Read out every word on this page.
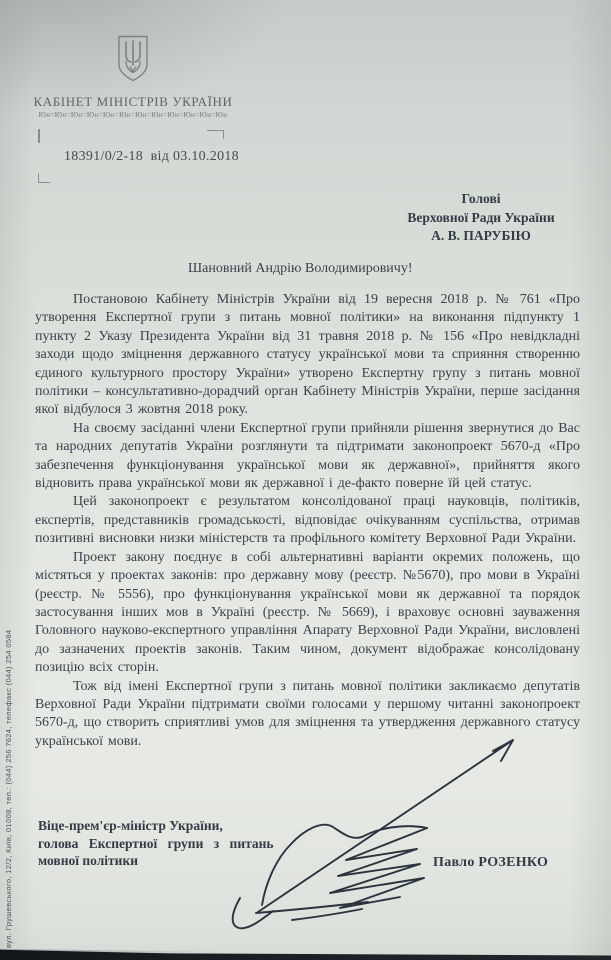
КАБІНЕТ МІНІСТРІВ УКРАЇНИ
Юн=Юн=Юн=Юн=Юн=Юн=Юн=Юн=Юн=Юн=Юн=Юн
18391/0/2-18  від 03.10.2018
Голові
Верховної Ради України
А. В. ПАРУБІЮ
Шановний Андрію Володимировичу!

Постановою Кабінету Міністрів України від 19 вересня 2018 р. № 761 «Про утворення Експертної групи з питань мовної політики» на виконання підпункту 1 пункту 2 Указу Президента України від 31 травня 2018 р. № 156 «Про невідкладні заходи щодо зміцнення державного статусу української мови та сприяння створенню єдиного культурного простору України» утворено Експертну групу з питань мовної політики – консультативно-дорадчий орган Кабінету Міністрів України, перше засідання якої відбулося 3 жовтня 2018 року.

На своєму засіданні члени Експертної групи прийняли рішення звернутися до Вас та народних депутатів України розглянути та підтримати законопроект 5670-д «Про забезпечення функціонування української мови як державної», прийняття якого відновить права української мови як державної і де-факто поверне їй цей статус.

Цей законопроект є результатом консолідованої праці науковців, політиків, експертів, представників громадськості, відповідає очікуванням суспільства, отримав позитивні висновки низки міністерств та профільного комітету Верховної Ради України.

Проект закону поєднує в собі альтернативні варіанти окремих положень, що містяться у проектах законів: про державну мову (реєстр. №5670), про мови в Україні (реєстр. № 5556), про функціонування української мови як державної та порядок застосування інших мов в Україні (реєстр. № 5669), і враховує основні зауваження Головного науково-експертного управління Апарату Верховної Ради України, висловлені до зазначених проектів законів. Таким чином, документ відображає консолідовану позицію всіх сторін.

Тож від імені Експертної групи з питань мовної політики закликаємо депутатів Верховної Ради України підтримати своїми голосами у першому читанні законопроект 5670-д, що створить сприятливі умов для зміцнення та утвердження державного статусу української мови.

Віце-прем'єр-міністр України,
голова Експертної групи з питань
мовної політики	Павло РОЗЕНКО
вул. Грушевського, 12/2, Київ, 01008, тел.: (044) 256 7624, телефакс (044) 254 0584
